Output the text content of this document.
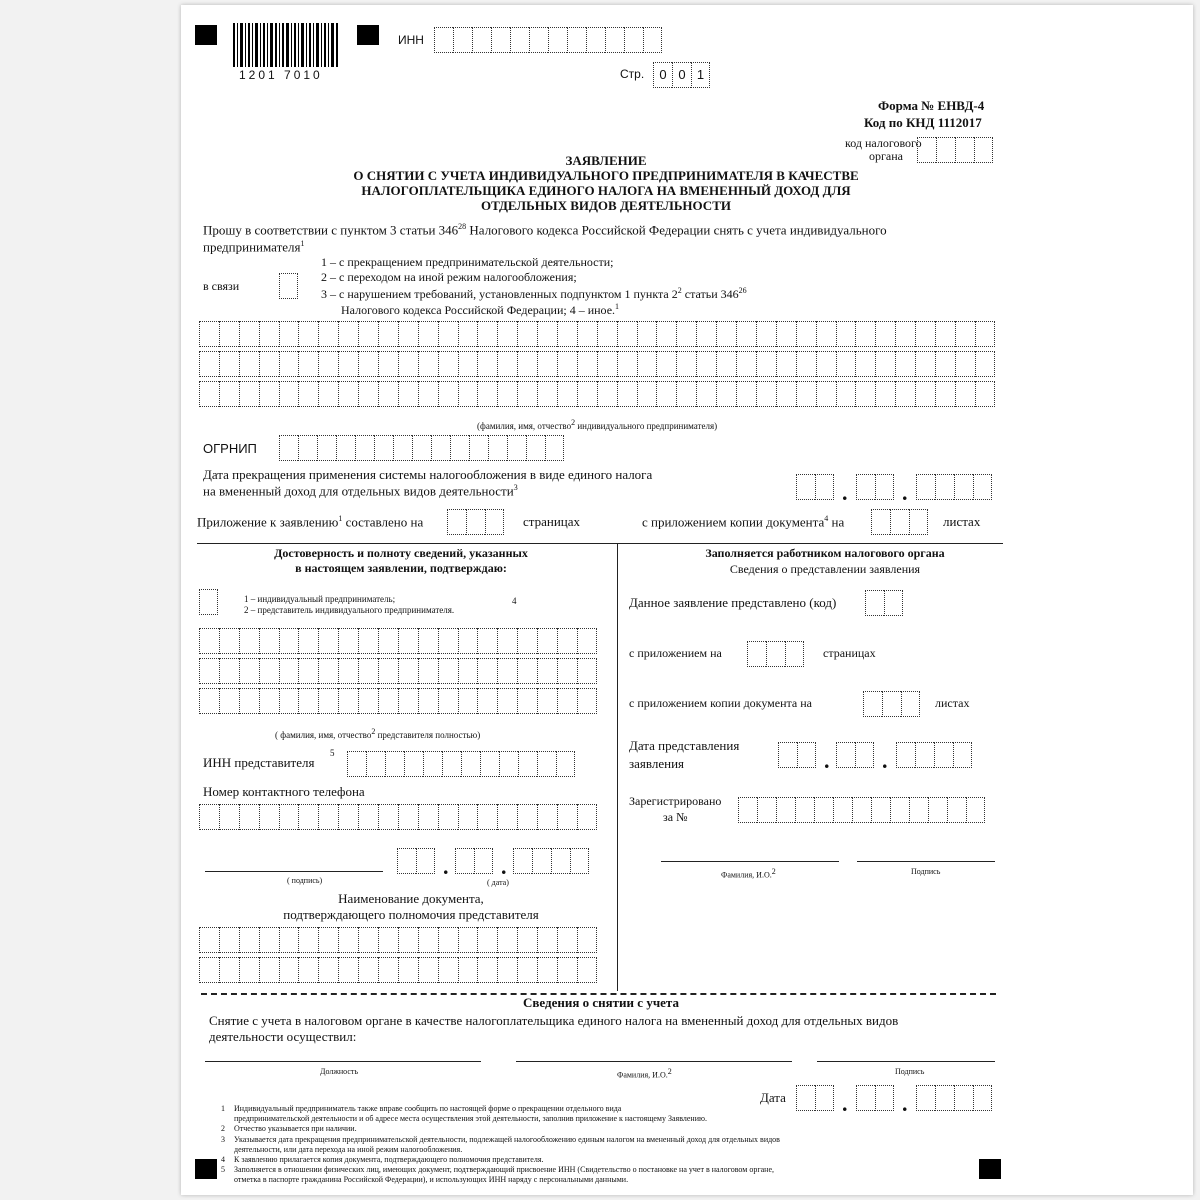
1201 7010
ИНН
Стр.	0 0 1
Форма № ЕНВД-4
Код по КНД 1112017
код налогового
органа
ЗАЯВЛЕНИЕ
О СНЯТИИ С УЧЕТА ИНДИВИДУАЛЬНОГО ПРЕДПРИНИМАТЕЛЯ В КАЧЕСТВЕ
НАЛОГОПЛАТЕЛЬЩИКА ЕДИНОГО НАЛОГА НА ВМЕНЕННЫЙ ДОХОД ДЛЯ
ОТДЕЛЬНЫХ ВИДОВ ДЕЯТЕЛЬНОСТИ
Прошу в соответствии с пунктом 3 статьи $346^{28}$ Налогового кодекса Российской Федерации снять с учета индивидуального
предпринимателя$^1$
в связи
1 – с прекращением предпринимательской деятельности;
2 – с переходом на иной режим налогообложения;
3 – с нарушением требований, установленных подпунктом 1 пункта $2^2$ статьи $346^{26}$
Налогового кодекса Российской Федерации; 4 – иное.$^1$
(фамилия, имя, отчество$^2$ индивидуального предпринимателя)
ОГРНИП
Дата прекращения применения системы налогообложения в виде единого налога
на вмененный доход для отдельных видов деятельности$^3$	. .
Приложение к заявлению$^1$ составлено на	страницах	с приложением копии документа$^4$ на	листах
Достоверность и полноту сведений, указанных
в настоящем заявлении, подтверждаю:
1 – индивидуальный предприниматель;
2 – представитель индивидуального предпринимателя.
4
( фамилия, имя, отчество$^2$ представителя полностью)
ИНН представителя
5
Номер контактного телефона
( подпись)
. .
( дата)
Наименование документа,
подтверждающего полномочия представителя
Заполняется работником налогового органа
Сведения о представлении заявления
Данное заявление представлено (код)
с приложением на	страницах
с приложением копии документа на	листах
Дата представления
заявления	. .
Зарегистрировано
за №
Фамилия, И.О.$^2$	Подпись
Сведения о снятии с учета
Снятие с учета в налоговом органе в качестве налогоплательщика единого налога на вмененный доход для отдельных видов
деятельности осуществил:
Должность	Фамилия, И.О.$^2$	Подпись
Дата	. .
1 Индивидуальный предприниматель также вправе сообщить по настоящей форме о прекращении отдельного вида
предпринимательской деятельности и об адресе места осуществления этой деятельности, заполнив приложение к настоящему Заявлению.
2 Отчество указывается при наличии.
3 Указывается дата прекращения предпринимательской деятельности, подлежащей налогообложению единым налогом на вмененный доход для отдельных видов
деятельности, или дата перехода на иной режим налогообложения.
4 К заявлению прилагается копия документа, подтверждающего полномочия представителя.
5 Заполняется в отношении физических лиц, имеющих документ, подтверждающий присвоение ИНН (Свидетельство о постановке на учет в налоговом органе,
отметка в паспорте гражданина Российской Федерации), и использующих ИНН наряду с персональными данными.
